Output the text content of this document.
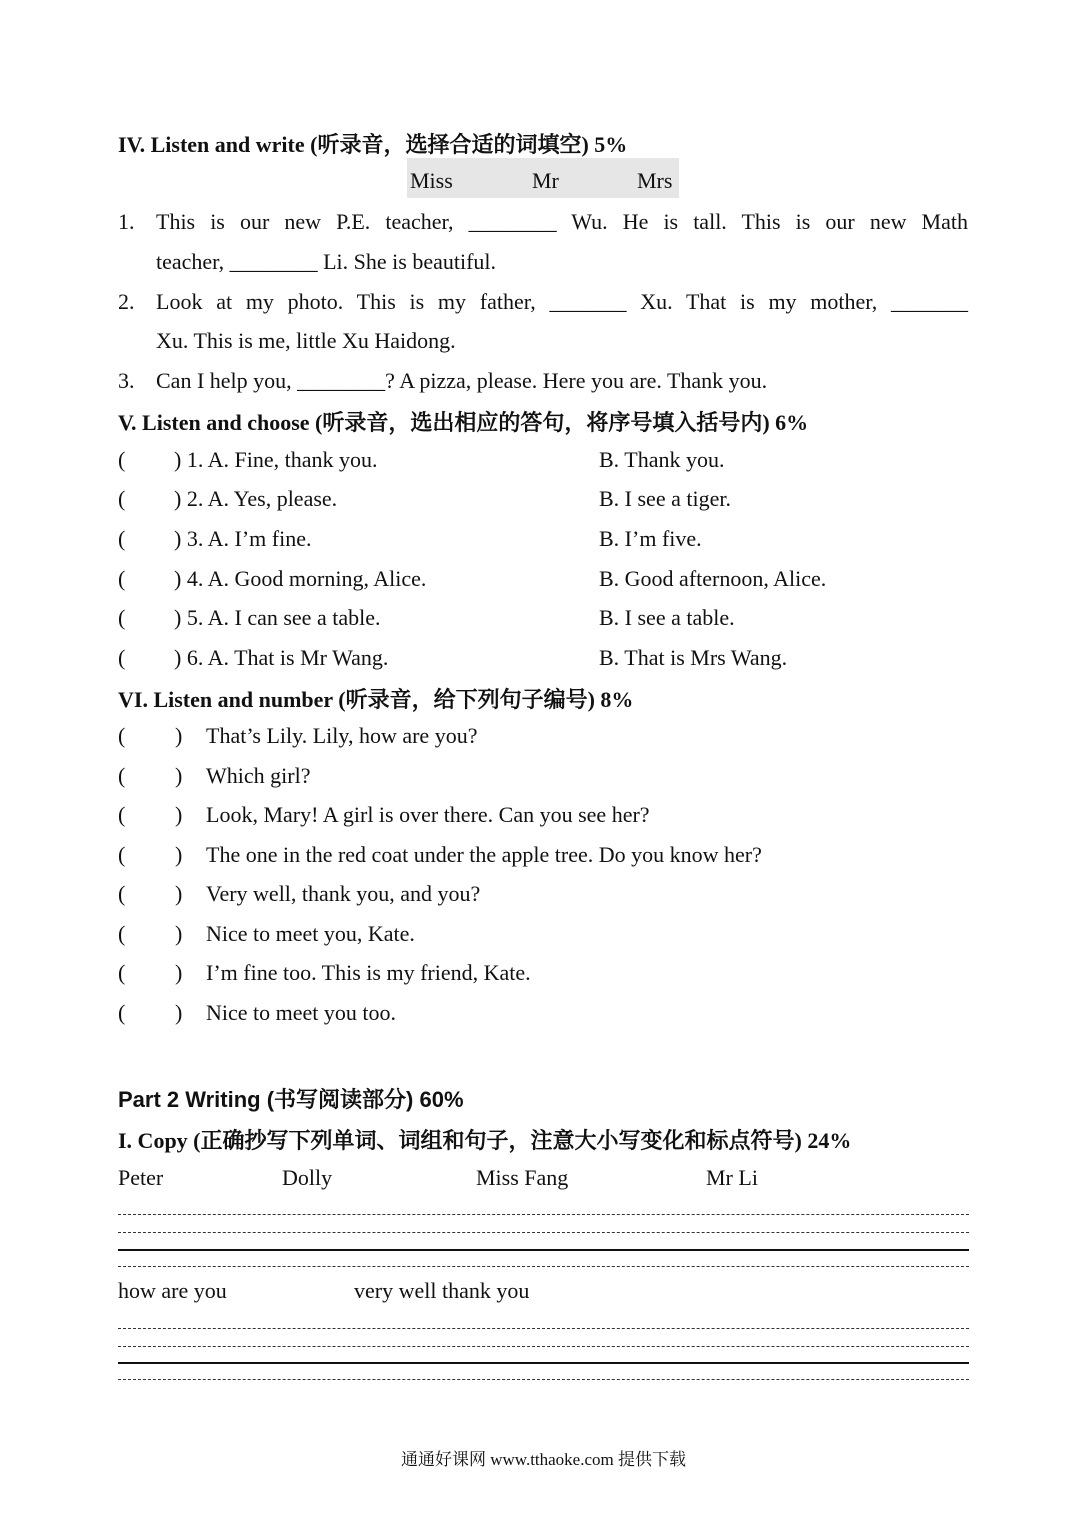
IV. Listen and write (听录音，选择合适的词填空) 5%
Miss	Mr	Mrs
1. This is our new P.E. teacher, ________ Wu. He is tall. This is our new Math
teacher, ________ Li. She is beautiful.
2. Look at my photo. This is my father, _______ Xu. That is my mother, _______
Xu. This is me, little Xu Haidong.
3. Can I help you, ________? A pizza, please. Here you are. Thank you.
V. Listen and choose (听录音，选出相应的答句，将序号填入括号内) 6%
( ) 1. A. Fine, thank you.	B. Thank you.
( ) 2. A. Yes, please.	B. I see a tiger.
( ) 3. A. I’m fine.	B. I’m five.
( ) 4. A. Good morning, Alice.	B. Good afternoon, Alice.
( ) 5. A. I can see a table.	B. I see a table.
( ) 6. A. That is Mr Wang.	B. That is Mrs Wang.
VI. Listen and number (听录音，给下列句子编号) 8%
( ) That’s Lily. Lily, how are you?
( ) Which girl?
( ) Look, Mary! A girl is over there. Can you see her?
( ) The one in the red coat under the apple tree. Do you know her?
( ) Very well, thank you, and you?
( ) Nice to meet you, Kate.
( ) I’m fine too. This is my friend, Kate.
( ) Nice to meet you too.
Part 2 Writing (书写阅读部分) 60%
I. Copy (正确抄写下列单词、词组和句子，注意大小写变化和标点符号) 24%
Peter	Dolly	Miss Fang	Mr Li
how are you	very well thank you
通通好课网 www.tthaoke.com 提供下载
